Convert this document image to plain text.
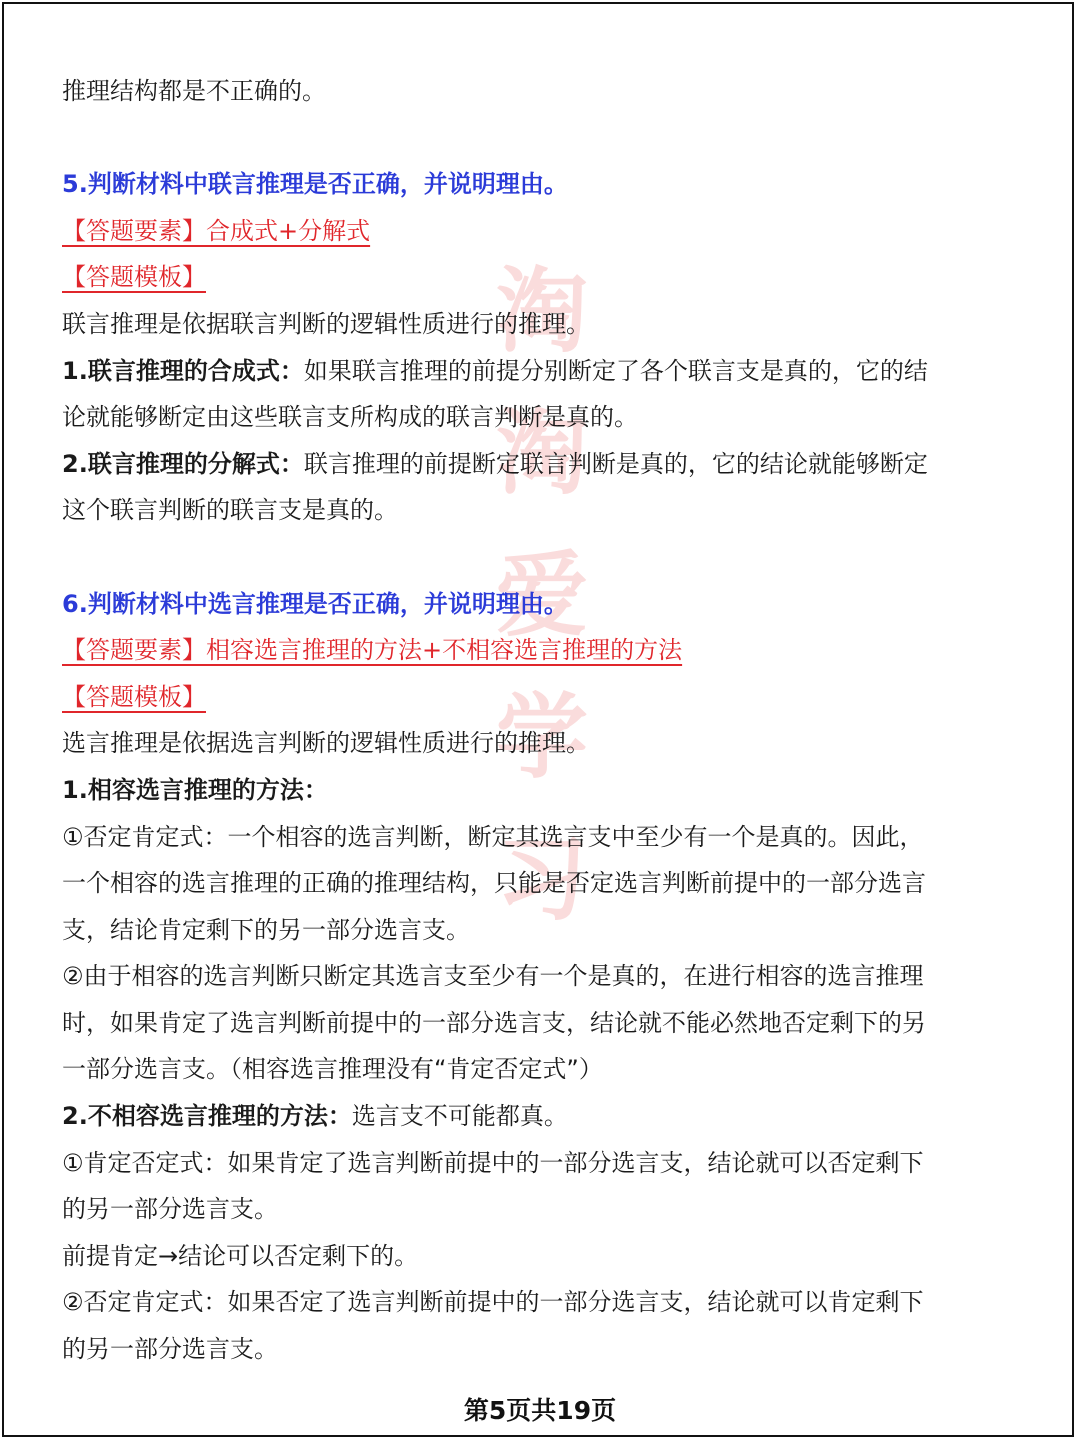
淘
淘
爱
学
习

推理结构都是不正确的。

5.判断材料中联言推理是否正确，并说明理由。

【答题要素】合成式+分解式

【答题模板】

联言推理是依据联言判断的逻辑性质进行的推理。

1.联言推理的合成式：如果联言推理的前提分别断定了各个联言支是真的，它的结

论就能够断定由这些联言支所构成的联言判断是真的。

2.联言推理的分解式：联言推理的前提断定联言判断是真的，它的结论就能够断定

这个联言判断的联言支是真的。

6.判断材料中选言推理是否正确，并说明理由。

【答题要素】相容选言推理的方法+不相容选言推理的方法

【答题模板】

选言推理是依据选言判断的逻辑性质进行的推理。

1.相容选言推理的方法：

①否定肯定式：一个相容的选言判断，断定其选言支中至少有一个是真的。因此，

一个相容的选言推理的正确的推理结构，只能是否定选言判断前提中的一部分选言

支，结论肯定剩下的另一部分选言支。

②由于相容的选言判断只断定其选言支至少有一个是真的，在进行相容的选言推理

时，如果肯定了选言判断前提中的一部分选言支，结论就不能必然地否定剩下的另

一部分选言支。（相容选言推理没有“肯定否定式”）

2.不相容选言推理的方法：选言支不可能都真。

①肯定否定式：如果肯定了选言判断前提中的一部分选言支，结论就可以否定剩下

的另一部分选言支。

前提肯定→结论可以否定剩下的。

②否定肯定式：如果否定了选言判断前提中的一部分选言支，结论就可以肯定剩下

的另一部分选言支。

第5页共19页
